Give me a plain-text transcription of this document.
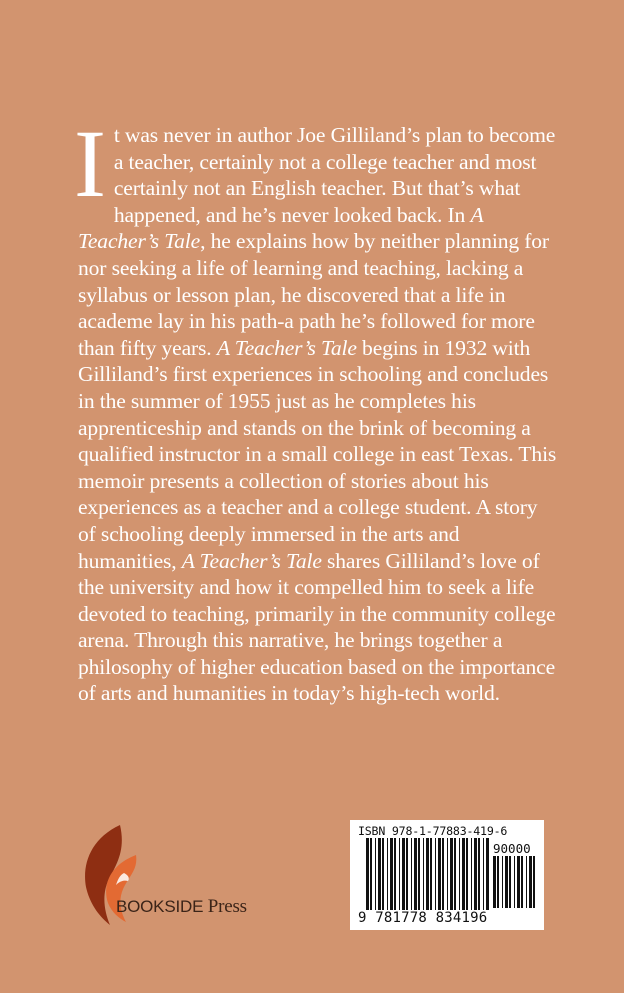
I t was never in author Joe Gilliland’s plan to become a teacher, certainly not a college teacher and most certainly not an English teacher. But that’s what happened, and he’s never looked back. In A Teacher’s Tale, he explains how by neither planning for nor seeking a life of learning and teaching, lacking a syllabus or lesson plan, he discovered that a life in academe lay in his path-a path he’s followed for more than fifty years. A Teacher’s Tale begins in 1932 with Gilliland’s first experiences in schooling and concludes in the summer of 1955 just as he completes his apprenticeship and stands on the brink of becoming a qualified instructor in a small college in east Texas. This memoir presents a collection of stories about his experiences as a teacher and a college student. A story of schooling deeply immersed in the arts and humanities, A Teacher’s Tale shares Gilliland’s love of the university and how it compelled him to seek a life devoted to teaching, primarily in the community college arena. Through this narrative, he brings together a philosophy of higher education based on the importance of arts and humanities in today’s high-tech world.

BOOKSIDE Press
ISBN 978-1-77883-419-6
90000
9 781778 834196
